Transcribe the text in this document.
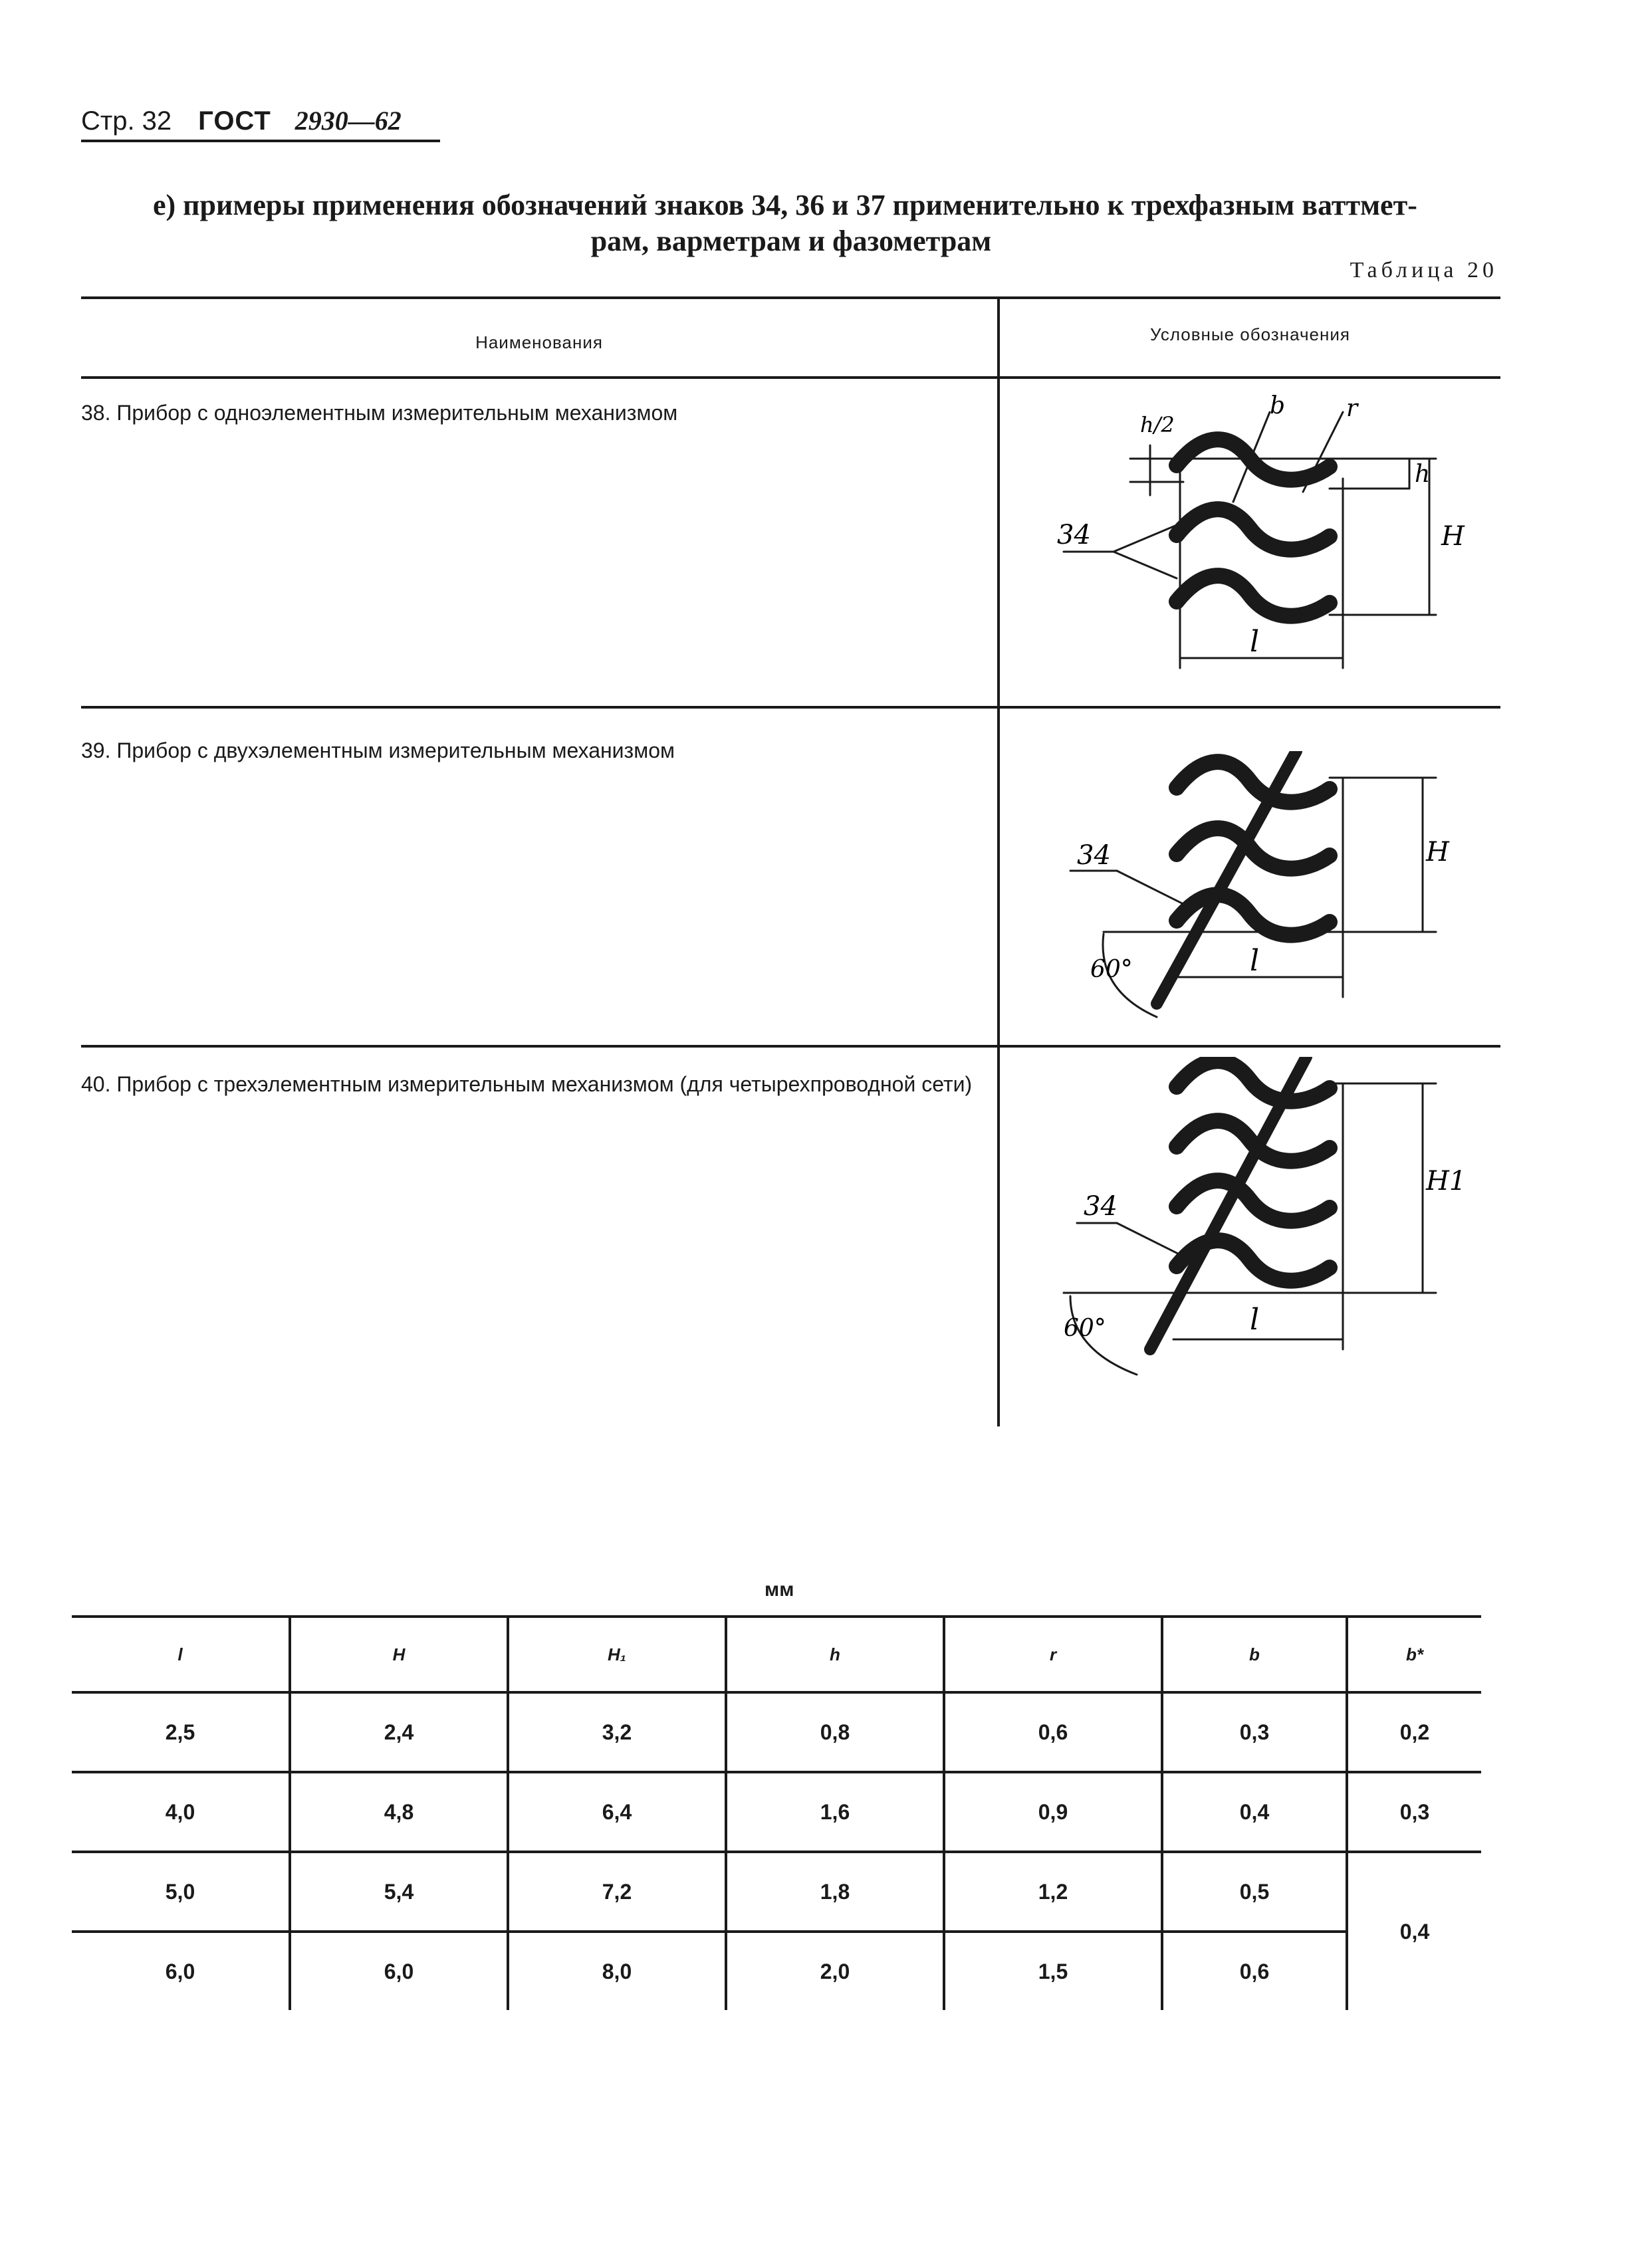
Стр. 32 ГОСТ 2930—62
е) примеры применения обозначений знаков 34, 36 и 37 применительно к трехфазным ваттмет-
рам, варметрам и фазометрам
Таблица 20
Наименования	Условные обозначения
38. Прибор с одноэлементным измерительным механизмом
39. Прибор с двухэлементным измерительным механизмом
40. Прибор с трехэлементным измерительным механизмом (для четырехпроводной сети)
34
h/2
b	r
h
H
l
34	H
l
60°
34
H1
l
60°
мм
l	H	H₁	h	r	b	b*
2,5	2,4	3,2	0,8	0,6	0,3	0,2
4,0	4,8	6,4	1,6	0,9	0,4	0,3
5,0	5,4	7,2	1,8	1,2	0,5	0,4
6,0	6,0	8,0	2,0	1,5	0,6	
